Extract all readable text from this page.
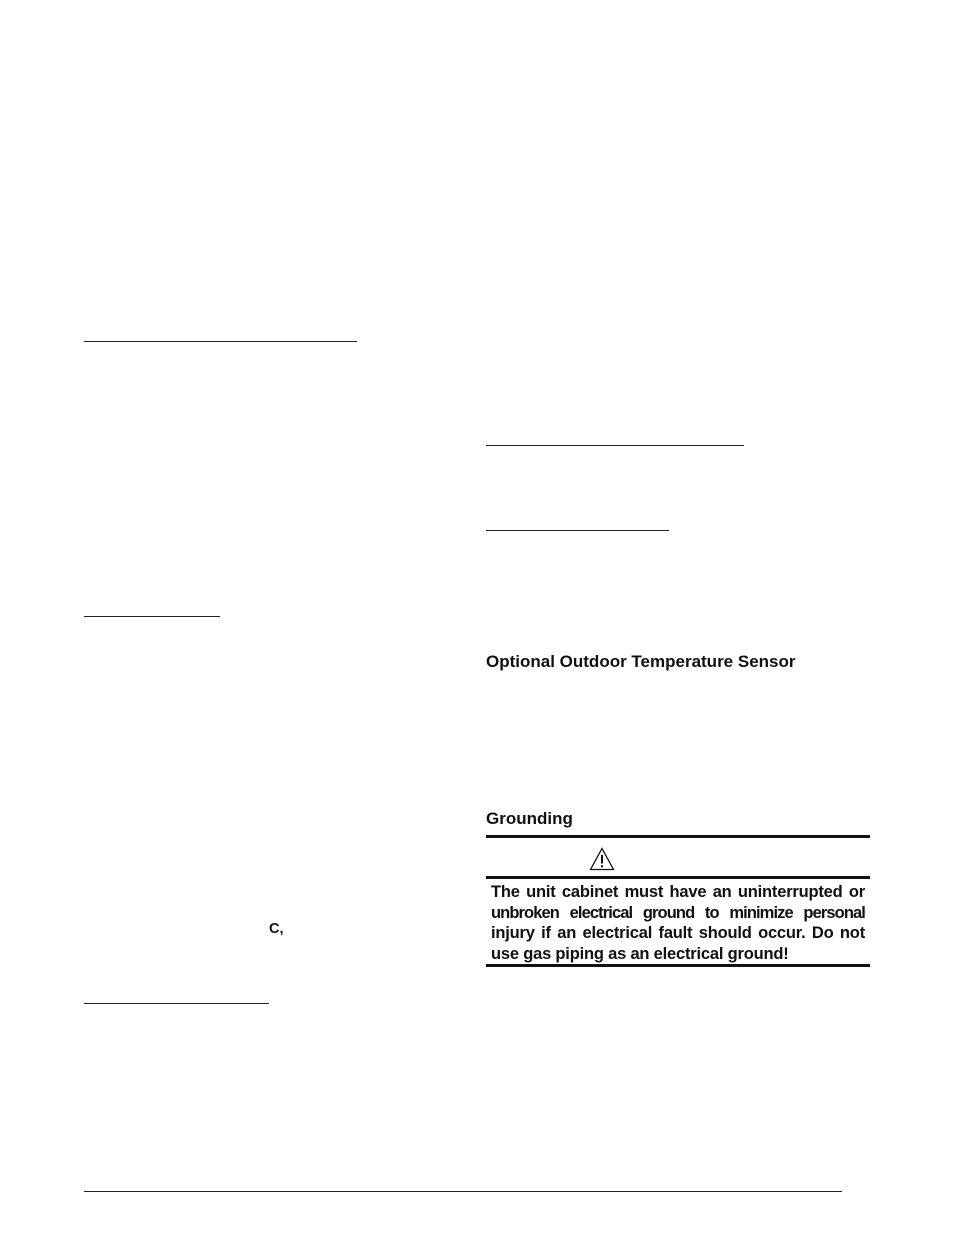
C,
Optional Outdoor Temperature Sensor
Grounding
The unit cabinet must have an uninterrupted or
unbroken electrical ground to minimize personal
injury if an electrical fault should occur. Do not
use gas piping as an electrical ground!
